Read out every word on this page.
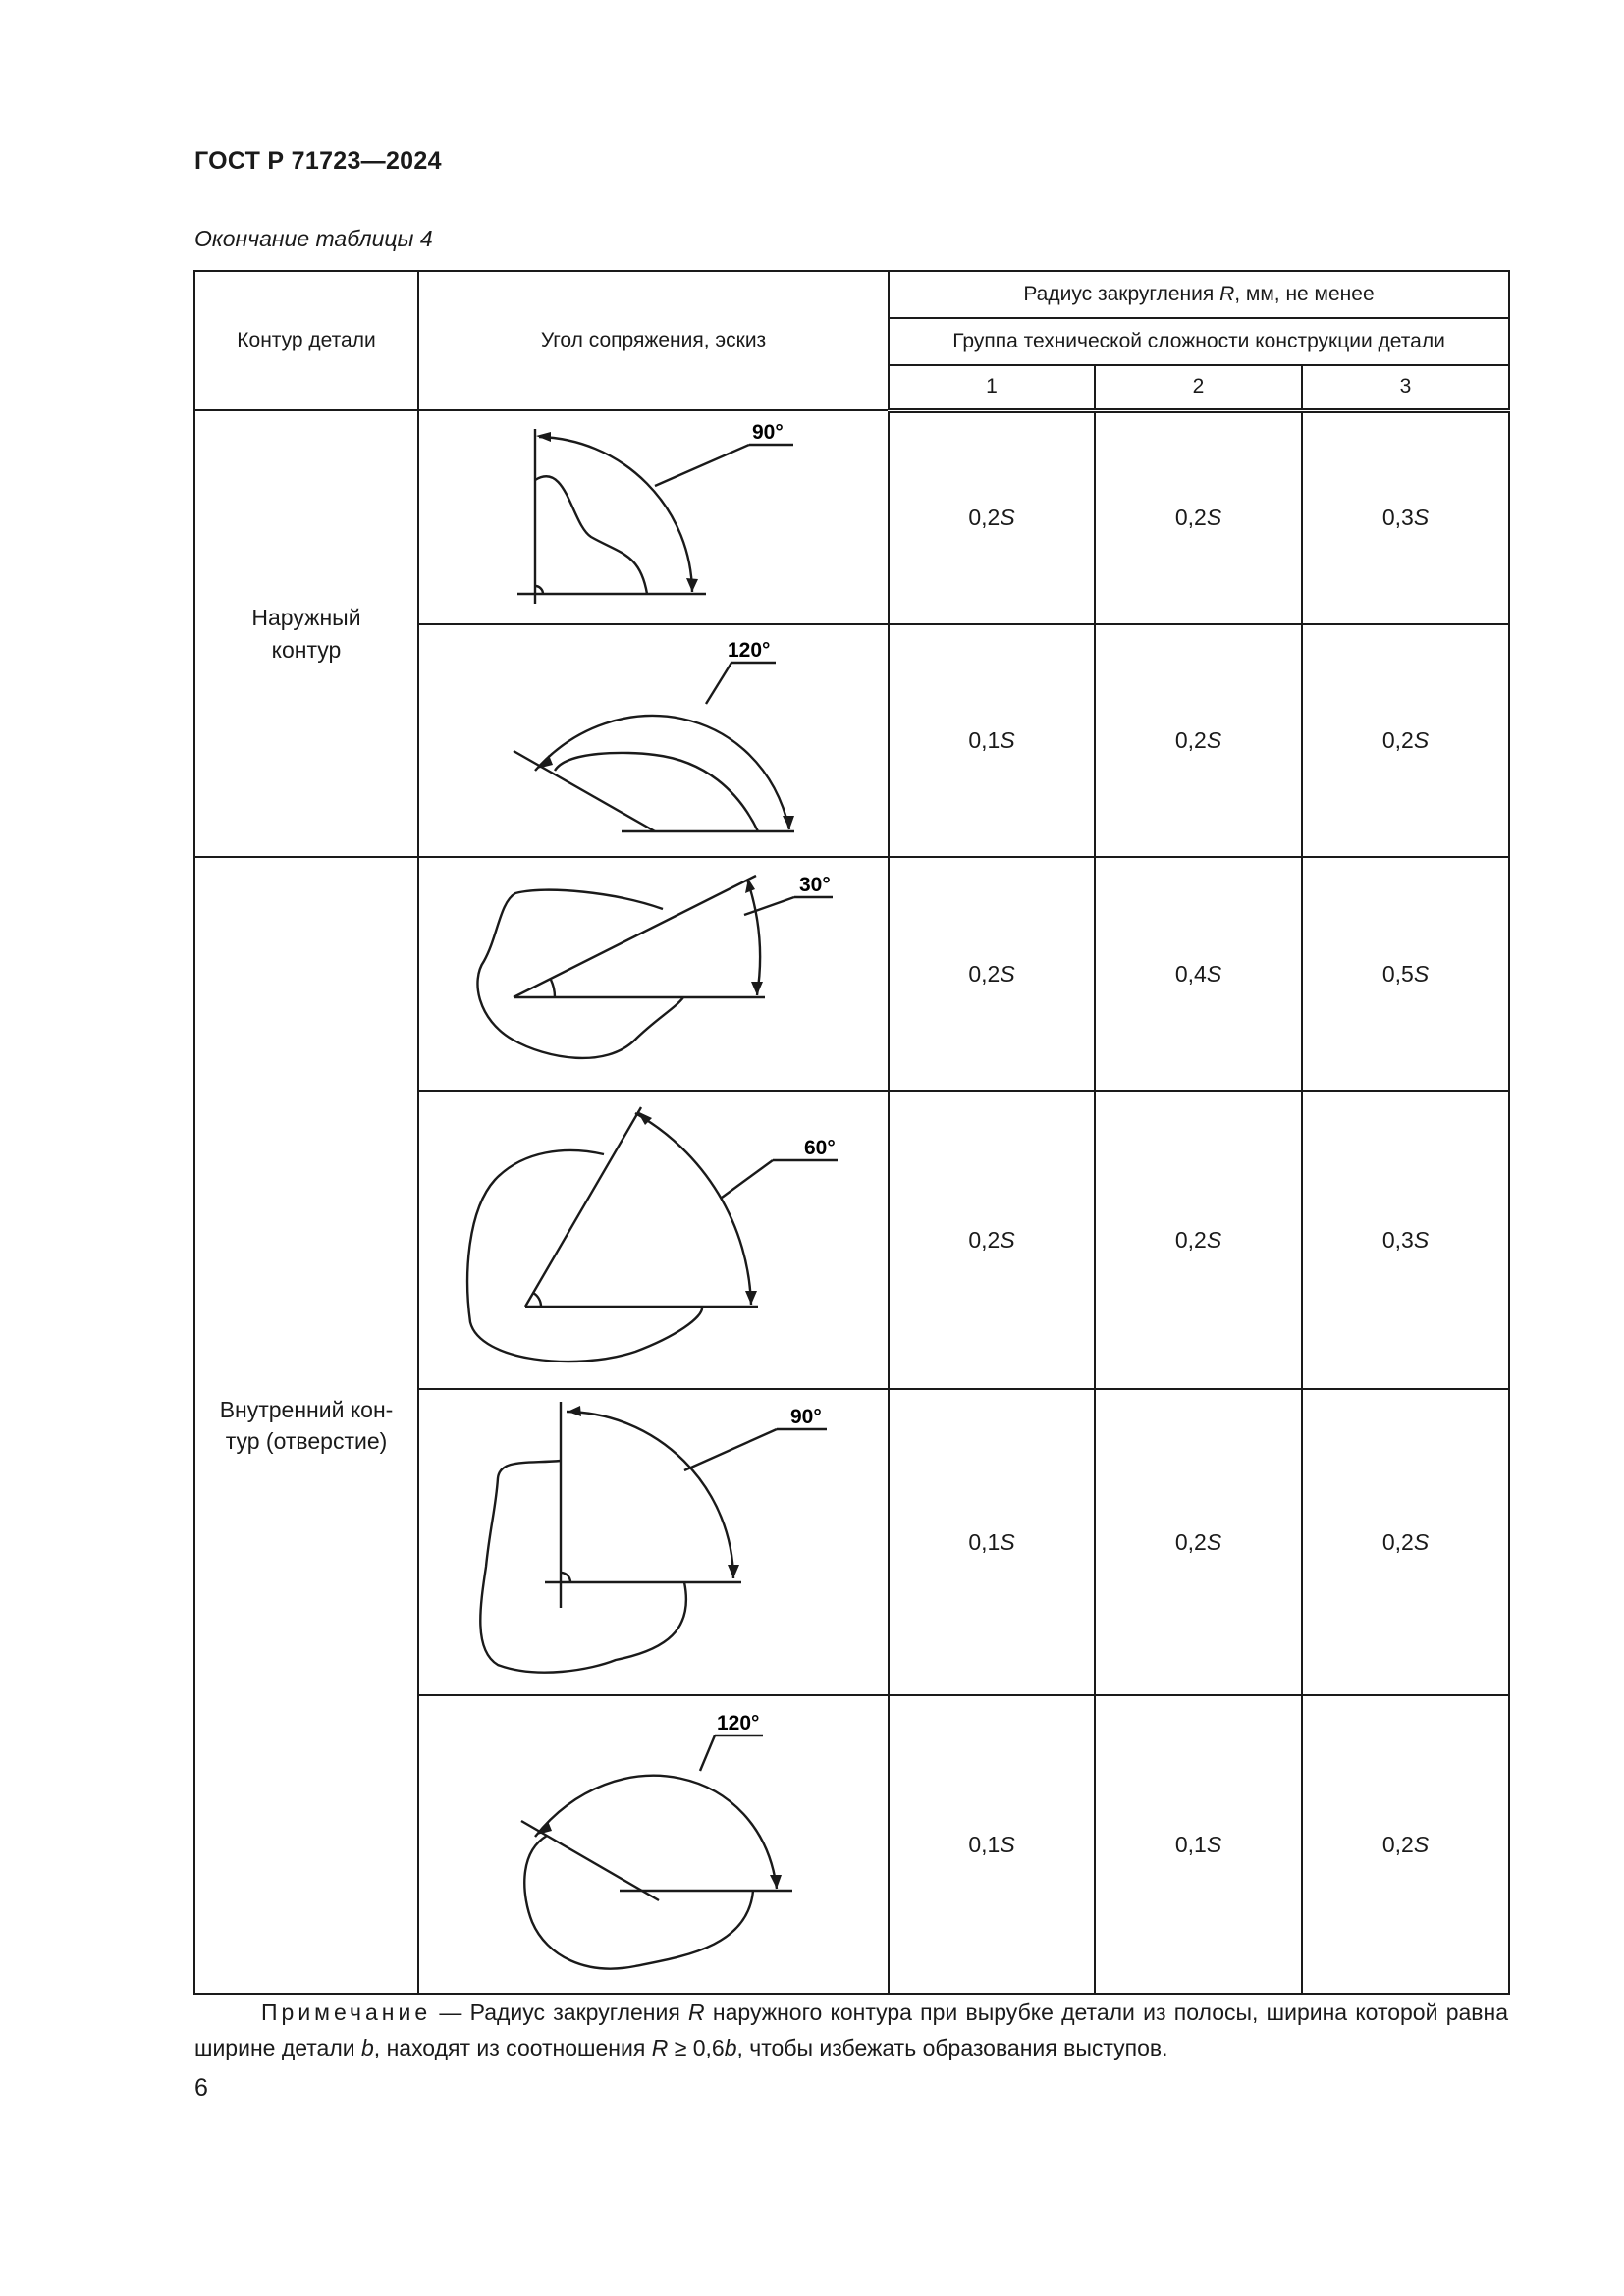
ГОСТ Р 71723—2024
Окончание таблицы 4
Контур детали	Угол сопряжения, эскиз	Радиус закругления R, мм, не менее		
		Группа технической сложности конструкции детали		
		1	2	3
Наружный
контур	90°	0,2S	0,2S	0,3S

120°	0,1S	0,2S	0,2S
Внутренний кон-
тур (отверстие)	30°	0,2S	0,4S	0,5S

60°	0,2S	0,2S	0,3S

90°	0,1S	0,2S	0,2S

120°	0,1S	0,1S	0,2S
Примечание — Радиус закругления R наружного контура при вырубке детали из полосы, ширина которой равна ширине детали b, находят из соотношения R ≥ 0,6b, чтобы избежать образования выступов.
6
